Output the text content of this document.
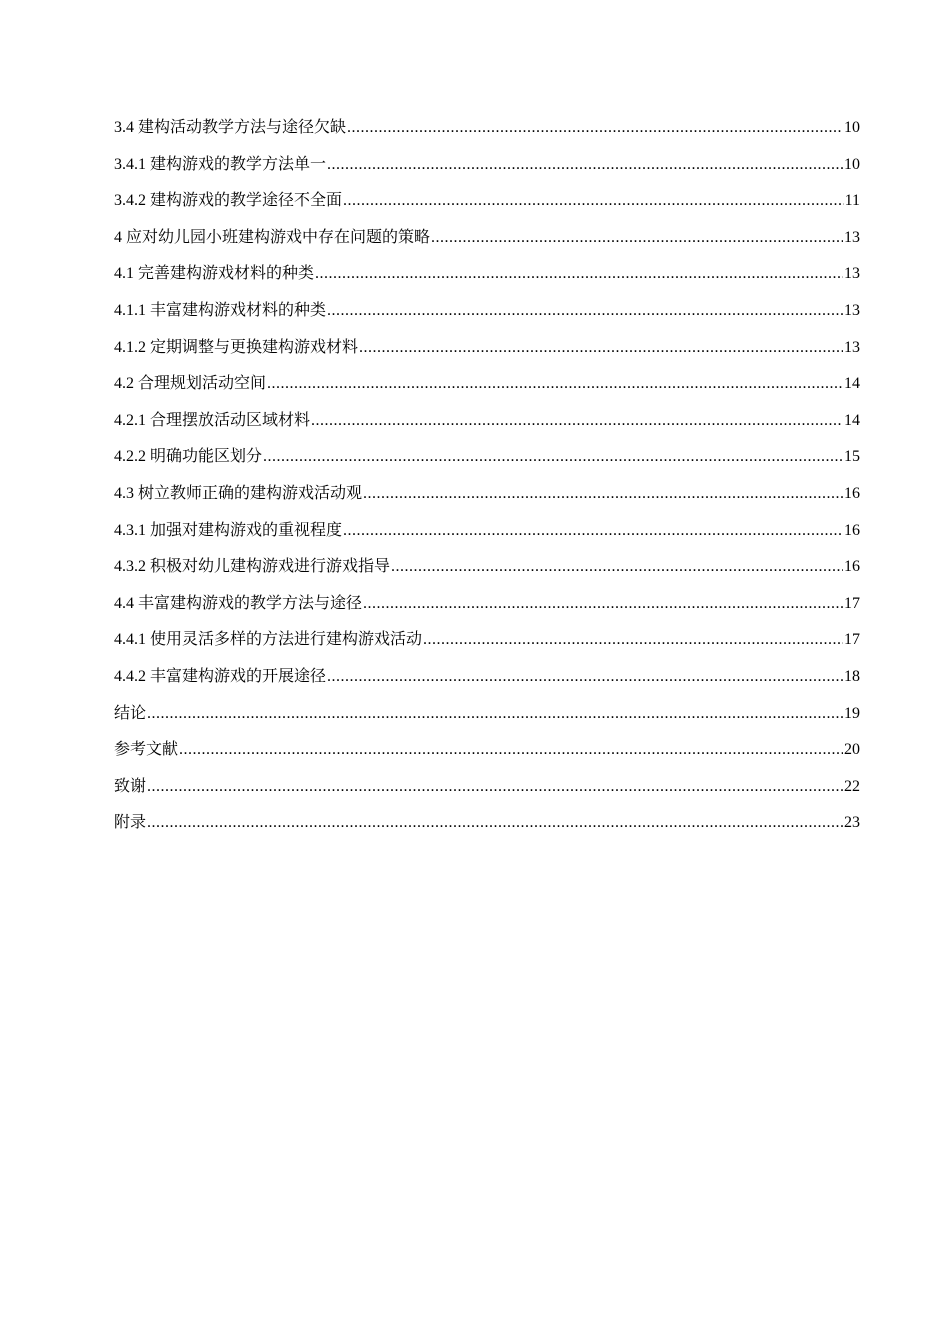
3.4 建构活动教学方法与途径欠缺 .....	10
3.4.1 建构游戏的教学方法单一 .....	10
3.4.2 建构游戏的教学途径不全面 .....	11
4 应对幼儿园小班建构游戏中存在问题的策略 .....	13
4.1 完善建构游戏材料的种类 .....	13
4.1.1 丰富建构游戏材料的种类 .....	13
4.1.2 定期调整与更换建构游戏材料 .....	13
4.2 合理规划活动空间 .....	14
4.2.1 合理摆放活动区域材料 .....	14
4.2.2 明确功能区划分 .....	15
4.3 树立教师正确的建构游戏活动观 .....	16
4.3.1 加强对建构游戏的重视程度 .....	16
4.3.2 积极对幼儿建构游戏进行游戏指导 .....	16
4.4 丰富建构游戏的教学方法与途径 .....	17
4.4.1 使用灵活多样的方法进行建构游戏活动 .....	17
4.4.2 丰富建构游戏的开展途径 .....	18
结论 .....	19
参考文献 .....	20
致谢 .....	22
附录 .....	23
